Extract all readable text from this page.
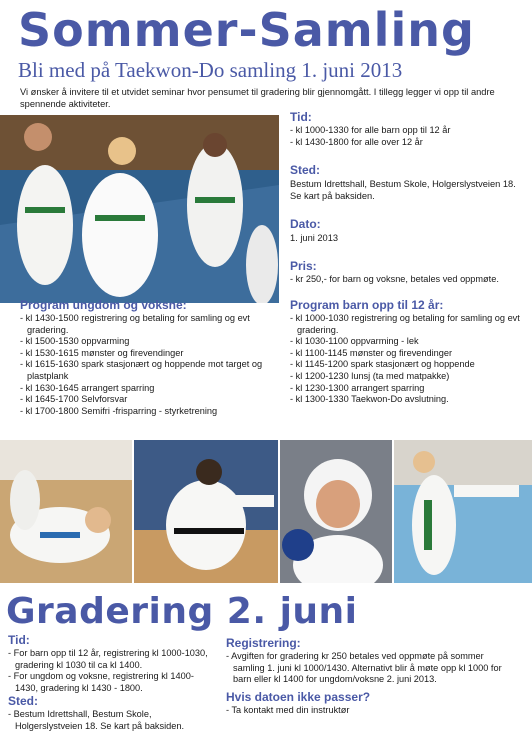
Sommer-Samling
Bli med på Taekwon-Do samling 1. juni 2013
Vi ønsker å invitere til et utvidet seminar hvor pensumet til gradering blir gjennomgått. I tillegg legger vi opp til andre spennende aktiviteter.
Tid:
- kl 1000-1330 for alle barn opp til 12 år
- kl 1430-1800 for alle over 12 år
Sted:
Bestum Idrettshall, Bestum Skole, Holgerslystveien 18. Se kart på baksiden.
Dato:
1. juni 2013
Pris:
- kr 250,- for barn og voksne, betales ved oppmøte.
Program ungdom og voksne:
- kl 1430-1500 registrering og betaling for samling og evt gradering.
- kl 1500-1530 oppvarming
- kl 1530-1615 mønster og firevendinger
- kl 1615-1630 spark stasjonært og hoppende mot target og plastplank
- kl 1630-1645 arrangert sparring
- kl 1645-1700 Selvforsvar
- kl 1700-1800 Semifri -frisparring - styrketrening
Program barn opp til 12 år:
- kl 1000-1030 registrering og betaling for samling og evt gradering.
- kl 1030-1100 oppvarming - lek
- kl 1100-1145 mønster og firevendinger
- kl 1145-1200 spark stasjonært og hoppende
- kl 1200-1230 lunsj (ta med matpakke)
- kl 1230-1300 arrangert sparring
- kl 1300-1330 Taekwon-Do avslutning.
Gradering 2. juni
Tid:
- For barn opp til 12 år, registrering kl 1000-1030, gradering kl 1030 til ca kl 1400.
- For ungdom og voksne, registrering kl 1400-1430, gradering kl 1430 - 1800.
Sted:
- Bestum Idrettshall, Bestum Skole, Holgerslystveien 18. Se kart på baksiden.
Registrering:
- Avgiften for gradering kr 250 betales ved oppmøte på sommer samling 1. juni kl 1000/1430. Alternativt blir å møte opp kl 1000 for barn eller kl 1400 for ungdom/voksne 2. juni 2013.
Hvis datoen ikke passer?
- Ta kontakt med din instruktør
